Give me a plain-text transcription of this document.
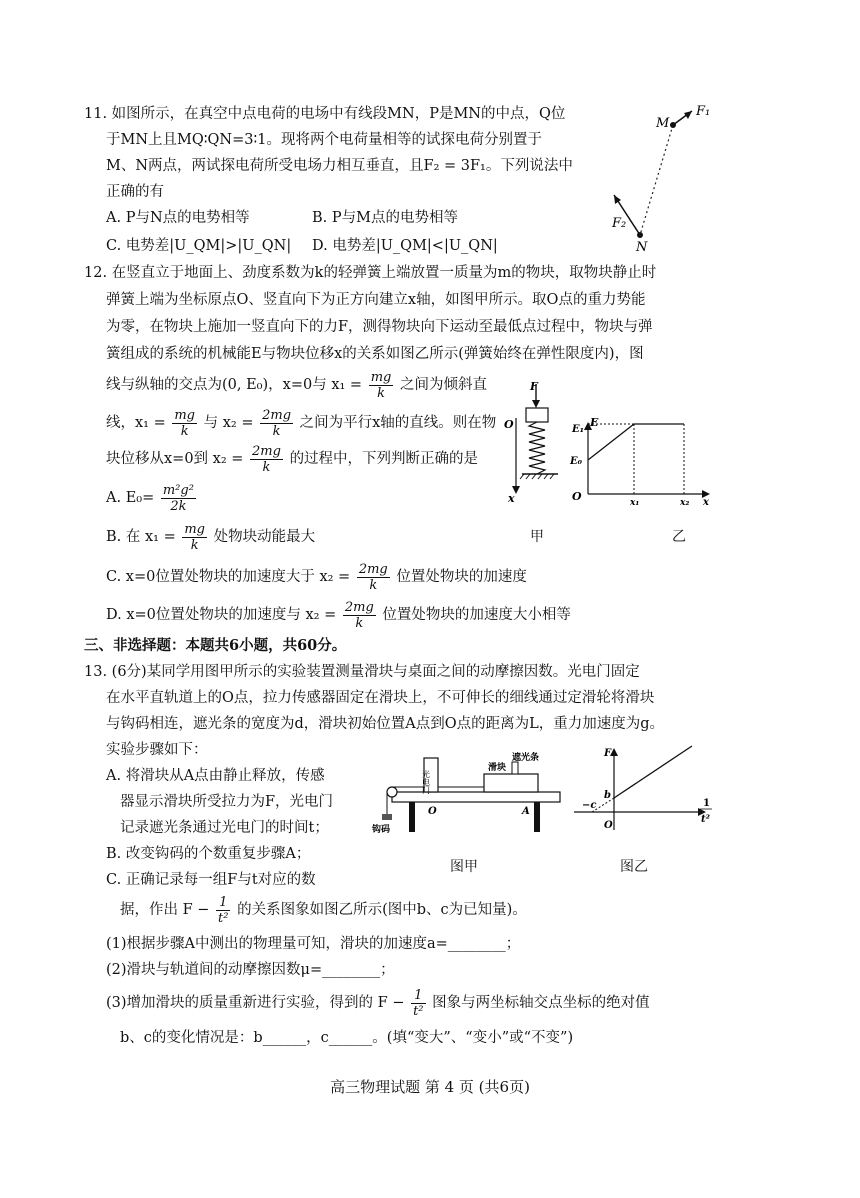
11. 如图所示，在真空中点电荷的电场中有线段MN，P是MN的中点，Q位
于MN上且MQ∶QN=3∶1。现将两个电荷量相等的试探电荷分别置于
M、N两点，两试探电荷所受电场力相互垂直，且F₂ = 3F₁。下列说法中
正确的有
A. P与N点的电势相等	B. P与M点的电势相等
C. 电势差|U_QM|>|U_QN| D. 电势差|U_QM|<|U_QN|
M
F₁
F₂
N
12. 在竖直立于地面上、劲度系数为k的轻弹簧上端放置一质量为m的物块，取物块静止时
弹簧上端为坐标原点O、竖直向下为正方向建立x轴，如图甲所示。取O点的重力势能
为零，在物块上施加一竖直向下的力F，测得物块向下运动至最低点过程中，物块与弹
簧组成的系统的机械能E与物块位移x的关系如图乙所示(弹簧始终在弹性限度内)，图
线与纵轴的交点为(0, E₀)，x=0与 $x_1 = \frac{mg}{k}$ 之间为倾斜直
线，$x_1 = \frac{mg}{k}$ 与 $x_2 = \frac{2mg}{k}$ 之间为平行x轴的直线。则在物
块位移从x=0到 $x_2 = \frac{2mg}{k}$ 的过程中，下列判断正确的是
A. $E_0= \frac{\text{m²g²}}{2k}$
B. 在 $x_1 = \frac{mg}{k}$ 处物块动能最大
C. x=0位置处物块的加速度大于 $x_2 = \frac{2mg}{k}$ 位置处物块的加速度
D. x=0位置处物块的加速度与 $x_2 = \frac{2mg}{k}$ 位置处物块的加速度大小相等
F
O
x
E₁
E₀
O	x₁	x₂ x
E
甲	乙
三、非选择题：本题共6小题，共60分。
13. (6分)某同学用图甲所示的实验装置测量滑块与桌面之间的动摩擦因数。光电门固定
在水平直轨道上的O点，拉力传感器固定在滑块上，不可伸长的细线通过定滑轮将滑块
与钩码相连，遮光条的宽度为d，滑块初始位置A点到O点的距离为L，重力加速度为g。
实验步骤如下：
A. 将滑块从A点由静止释放，传感
器显示滑块所受拉力为F，光电门
记录遮光条通过光电门的时间t；
B. 改变钩码的个数重复步骤A；
C. 正确记录每一组F与t对应的数
据，作出 $F - \frac{1}{\text{t²}}$ 的关系图象如图乙所示(图中b、c为已知量)。
(1)根据步骤A中测出的物理量可知，滑块的加速度a=________；
(2)滑块与轨道间的动摩擦因数μ=________；
(3)增加滑块的质量重新进行实验，得到的 $F - \frac{1}{\text{t²}}$ 图象与两坐标轴交点坐标的绝对值
b、c的变化情况是：b______，c______。(填“变大”、“变小”或“不变”)
光电门
滑块
遮光条
钩码
O	A
F
b
−c
O
1
t²
图甲	图乙
高三物理试题 第 4 页 (共6页)
